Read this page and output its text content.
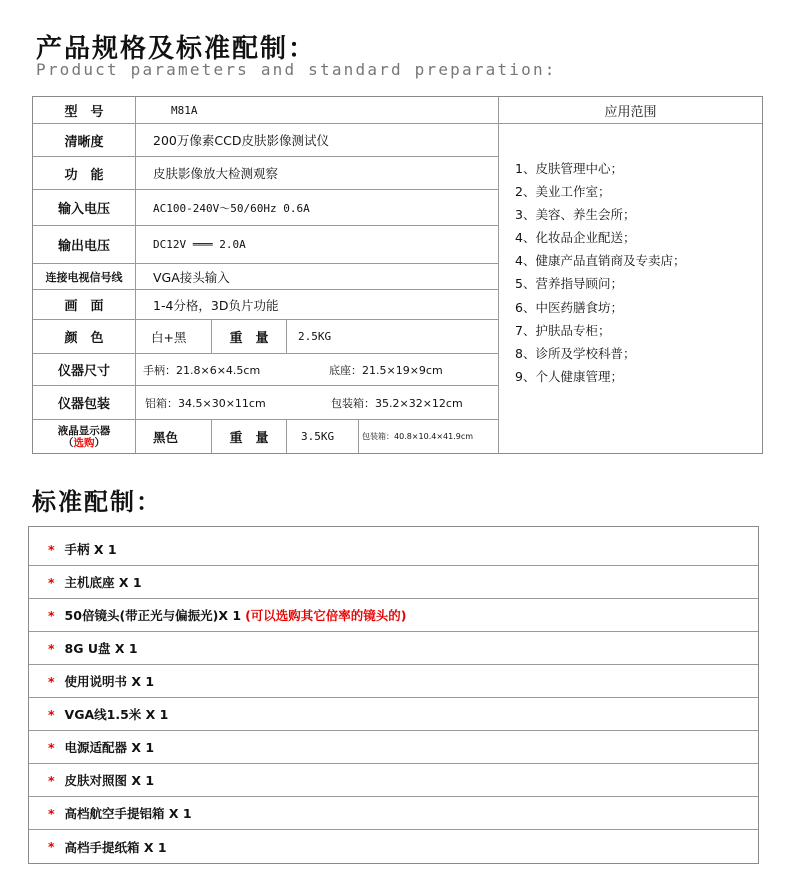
产品规格及标准配制：
Product parameters and standard preparation:
型　号	M81A	应用范围
清晰度	200万像素CCD皮肤影像测试仪
功　能	皮肤影像放大检测观察
输入电压	AC100-240V～50/60Hz 0.6A
输出电压	DC12V ═══ 2.0A
连接电视信号线	VGA接头输入
画　面	1-4分格，3D负片功能
颜　色	白+黑	重　量	2.5KG
仪器尺寸	手柄：21.8×6×4.5cm	底座：21.5×19×9cm
仪器包装	铝箱：34.5×30×11cm	包装箱：35.2×32×12cm
液晶显示器
（选购）	黑色	重　量	3.5KG	包装箱：40.8×10.4×41.9cm
1、皮肤管理中心；
2、美业工作室；
3、美容、养生会所；
4、化妆品企业配送；
4、健康产品直销商及专卖店；
5、营养指导顾问；
6、中医药膳食坊；
7、护肤品专柜；
8、诊所及学校科普；
9、个人健康管理；
标准配制：
* 手柄 X 1
* 主机底座 X 1
* 50倍镜头(带正光与偏振光)X 1 (可以选购其它倍率的镜头的)
* 8G U盘 X 1
* 使用说明书 X 1
* VGA线1.5米 X 1
* 电源适配器 X 1
* 皮肤对照图 X 1
* 高档航空手提铝箱 X 1
* 高档手提纸箱 X 1
